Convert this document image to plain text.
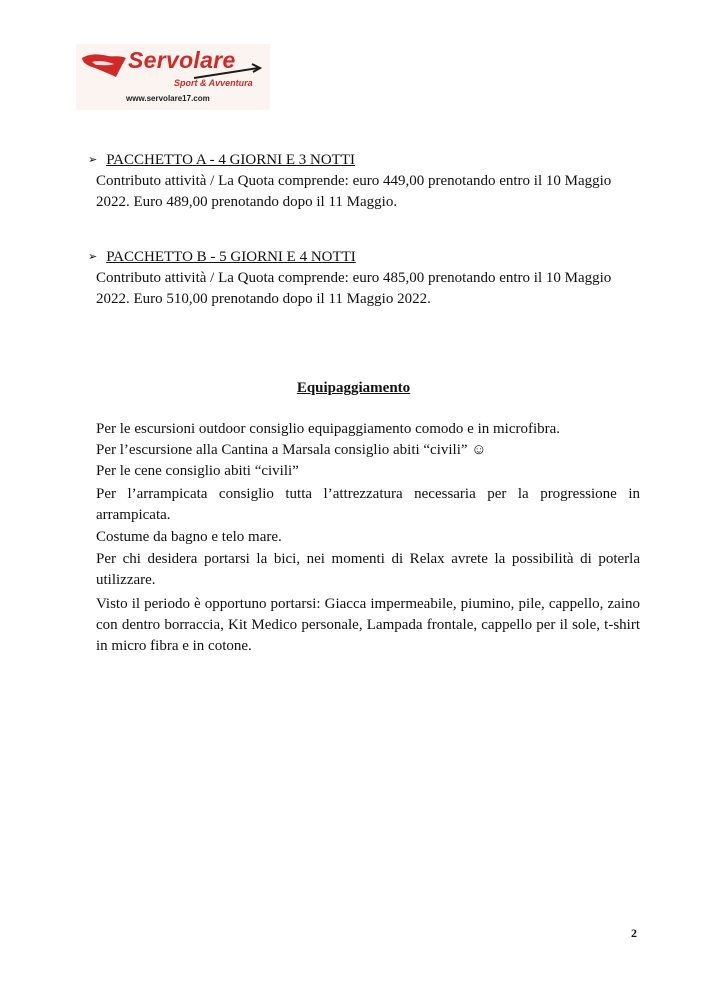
Servolare
Sport & Avventura
www.servolare17.com
➢ PACCHETTO A - 4 GIORNI E 3 NOTTI
Contributo attività / La Quota comprende: euro 449,00 prenotando entro il 10 Maggio 2022. Euro 489,00 prenotando dopo il 11 Maggio.
➢ PACCHETTO B - 5 GIORNI E 4 NOTTI
Contributo attività / La Quota comprende: euro 485,00 prenotando entro il 10 Maggio 2022. Euro 510,00 prenotando dopo il 11 Maggio 2022.
Equipaggiamento
Per le escursioni outdoor consiglio equipaggiamento comodo e in microfibra.
Per l’escursione alla Cantina a Marsala consiglio abiti “civili” ☺
Per le cene consiglio abiti “civili”
Per l’arrampicata consiglio tutta l’attrezzatura necessaria per la progressione in arrampicata.
Costume da bagno e telo mare.
Per chi desidera portarsi la bici, nei momenti di Relax avrete la possibilità di poterla utilizzare.
Visto il periodo è opportuno portarsi: Giacca impermeabile, piumino, pile, cappello, zaino con dentro borraccia, Kit Medico personale, Lampada frontale, cappello per il sole, t-shirt in micro fibra e in cotone.
2
